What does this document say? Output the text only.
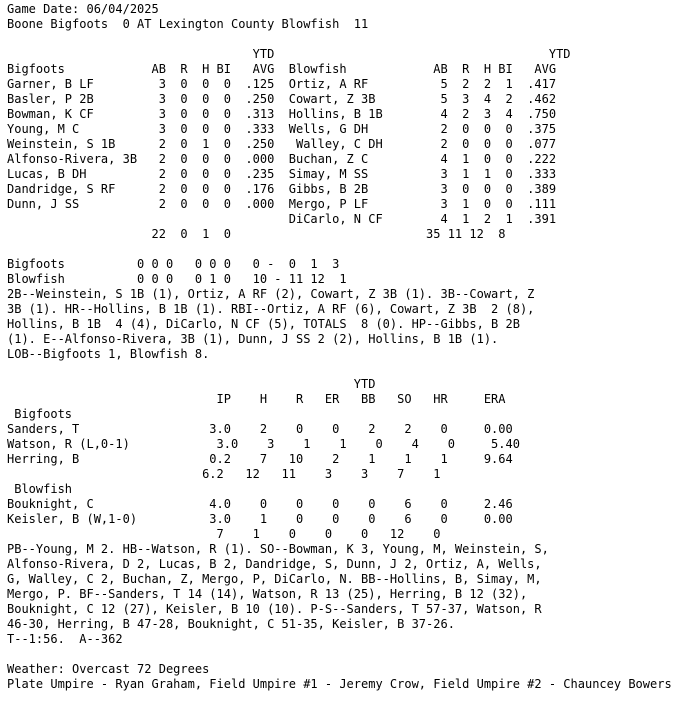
Game Date: 06/04/2025
Boone Bigfoots  0 AT Lexington County Blowfish  11

YTD                                      YTD
Bigfoots            AB  R  H BI   AVG  Blowfish            AB  R  H BI   AVG
Garner, B LF         3  0  0  0  .125  Ortiz, A RF          5  2  2  1  .417
Basler, P 2B         3  0  0  0  .250  Cowart, Z 3B         5  3  4  2  .462
Bowman, K CF         3  0  0  0  .313  Hollins, B 1B        4  2  3  4  .750
Young, M C           3  0  0  0  .333  Wells, G DH          2  0  0  0  .375
Weinstein, S 1B      2  0  1  0  .250   Walley, C DH        2  0  0  0  .077
Alfonso-Rivera, 3B   2  0  0  0  .000  Buchan, Z C          4  1  0  0  .222
Lucas, B DH          2  0  0  0  .235  Simay, M SS          3  1  1  0  .333
Dandridge, S RF      2  0  0  0  .176  Gibbs, B 2B          3  0  0  0  .389
Dunn, J SS           2  0  0  0  .000  Mergo, P LF          3  1  0  0  .111
DiCarlo, N CF        4  1  2  1  .391
22  0  1  0                           35 11 12  8

Bigfoots          0 0 0   0 0 0   0 -  0  1  3
Blowfish          0 0 0   0 1 0   10 - 11 12  1
2B--Weinstein, S 1B (1), Ortiz, A RF (2), Cowart, Z 3B (1). 3B--Cowart, Z
3B (1). HR--Hollins, B 1B (1). RBI--Ortiz, A RF (6), Cowart, Z 3B  2 (8),
Hollins, B 1B  4 (4), DiCarlo, N CF (5), TOTALS  8 (0). HP--Gibbs, B 2B
(1). E--Alfonso-Rivera, 3B (1), Dunn, J SS 2 (2), Hollins, B 1B (1).
LOB--Bigfoots 1, Blowfish 8.

YTD
IP    H    R   ER   BB   SO   HR     ERA
Bigfoots
Sanders, T                  3.0    2    0    0    2    2    0     0.00
Watson, R (L,0-1)            3.0    3    1    1    0    4    0     5.40
Herring, B                  0.2    7   10    2    1    1    1     9.64
6.2   12   11    3    3    7    1
Blowfish
Bouknight, C                4.0    0    0    0    0    6    0     2.46
Keisler, B (W,1-0)          3.0    1    0    0    0    6    0     0.00
7    1    0    0    0   12    0
PB--Young, M 2. HB--Watson, R (1). SO--Bowman, K 3, Young, M, Weinstein, S,
Alfonso-Rivera, D 2, Lucas, B 2, Dandridge, S, Dunn, J 2, Ortiz, A, Wells,
G, Walley, C 2, Buchan, Z, Mergo, P, DiCarlo, N. BB--Hollins, B, Simay, M,
Mergo, P. BF--Sanders, T 14 (14), Watson, R 13 (25), Herring, B 12 (32),
Bouknight, C 12 (27), Keisler, B 10 (10). P-S--Sanders, T 57-37, Watson, R
46-30, Herring, B 47-28, Bouknight, C 51-35, Keisler, B 37-26.
T--1:56.  A--362

Weather: Overcast 72 Degrees
Plate Umpire - Ryan Graham, Field Umpire #1 - Jeremy Crow, Field Umpire #2 - Chauncey Bowers
